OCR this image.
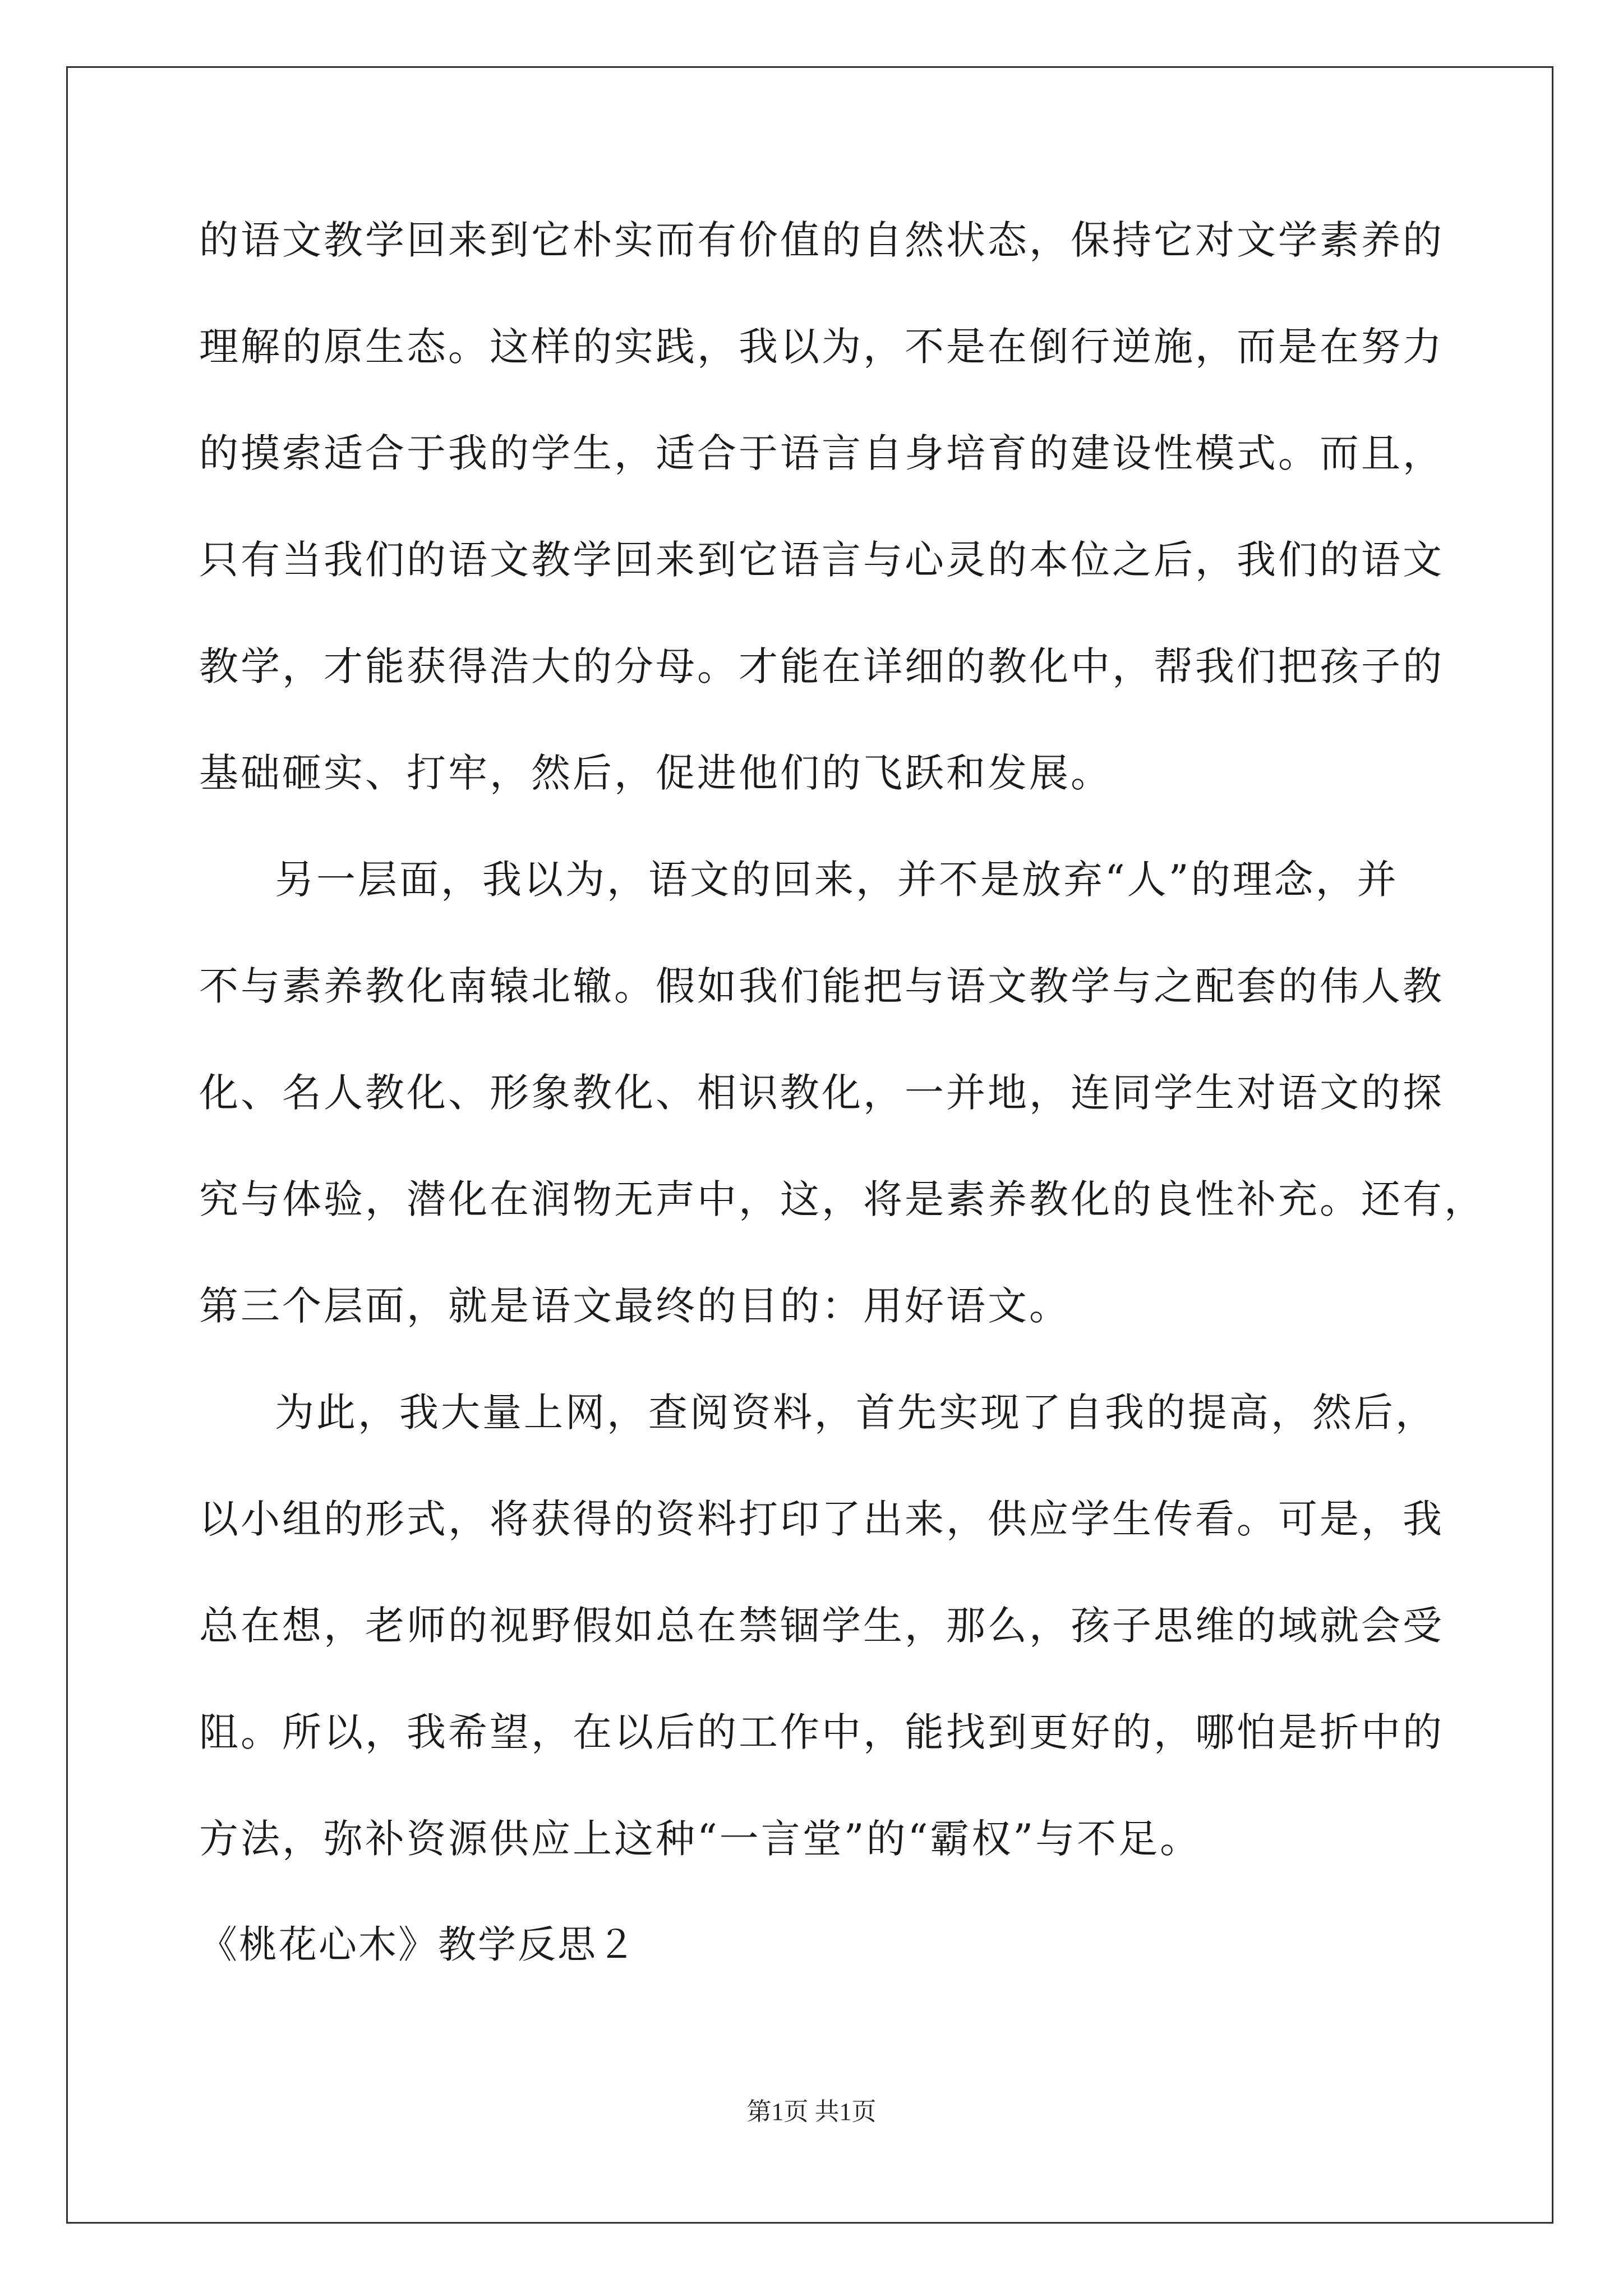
的语文教学回来到它朴实而有价值的自然状态，保持它对文学素养的
理解的原生态。这样的实践，我以为，不是在倒行逆施，而是在努力
的摸索适合于我的学生，适合于语言自身培育的建设性模式。而且，
只有当我们的语文教学回来到它语言与心灵的本位之后，我们的语文
教学，才能获得浩大的分母。才能在详细的教化中，帮我们把孩子的
基础砸实、打牢，然后，促进他们的飞跃和发展。
另一层面，我以为，语文的回来，并不是放弃“人”的理念，并
不与素养教化南辕北辙。假如我们能把与语文教学与之配套的伟人教
化、名人教化、形象教化、相识教化，一并地，连同学生对语文的探
究与体验，潜化在润物无声中，这，将是素养教化的良性补充。还有，
第三个层面，就是语文最终的目的：用好语文。
为此，我大量上网，查阅资料，首先实现了自我的提高，然后，
以小组的形式，将获得的资料打印了出来，供应学生传看。可是，我
总在想，老师的视野假如总在禁锢学生，那么，孩子思维的域就会受
阻。所以，我希望，在以后的工作中，能找到更好的，哪怕是折中的
方法，弥补资源供应上这种“一言堂”的“霸权”与不足。
《桃花心木》教学反思２
第1页 共1页
